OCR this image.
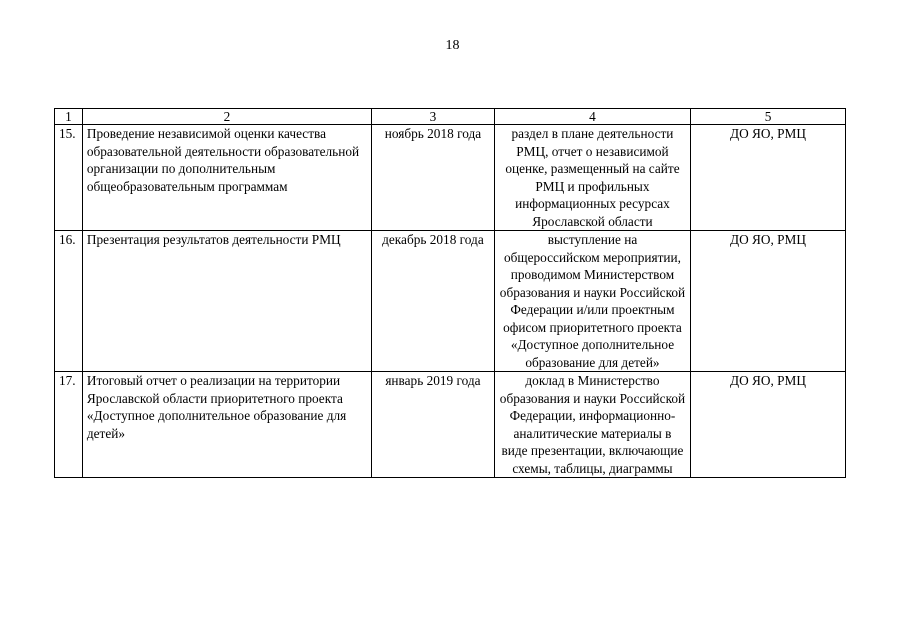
18
1	2	3	4	5
15.	Проведение независимой оценки качества образовательной деятельности образовательной организации по дополнительным общеобразовательным программам	ноябрь 2018 года	раздел в плане деятельности РМЦ, отчет о независимой оценке, размещенный на сайте РМЦ и профильных информационных ресурсах Ярославской области	ДО ЯО, РМЦ
16.	Презентация результатов деятельности РМЦ	декабрь 2018 года	выступление на общероссийском мероприятии, проводимом Министерством образования и науки Российской Федерации и/или проектным офисом приоритетного проекта «Доступное дополнительное образование для детей»	ДО ЯО, РМЦ
17.	Итоговый отчет о реализации на территории Ярославской области приоритетного проекта «Доступное дополнительное образование для детей»	январь 2019 года	доклад в Министерство образования и науки Российской Федерации, информационно-аналитические материалы в виде презентации, включающие схемы, таблицы, диаграммы	ДО ЯО, РМЦ
